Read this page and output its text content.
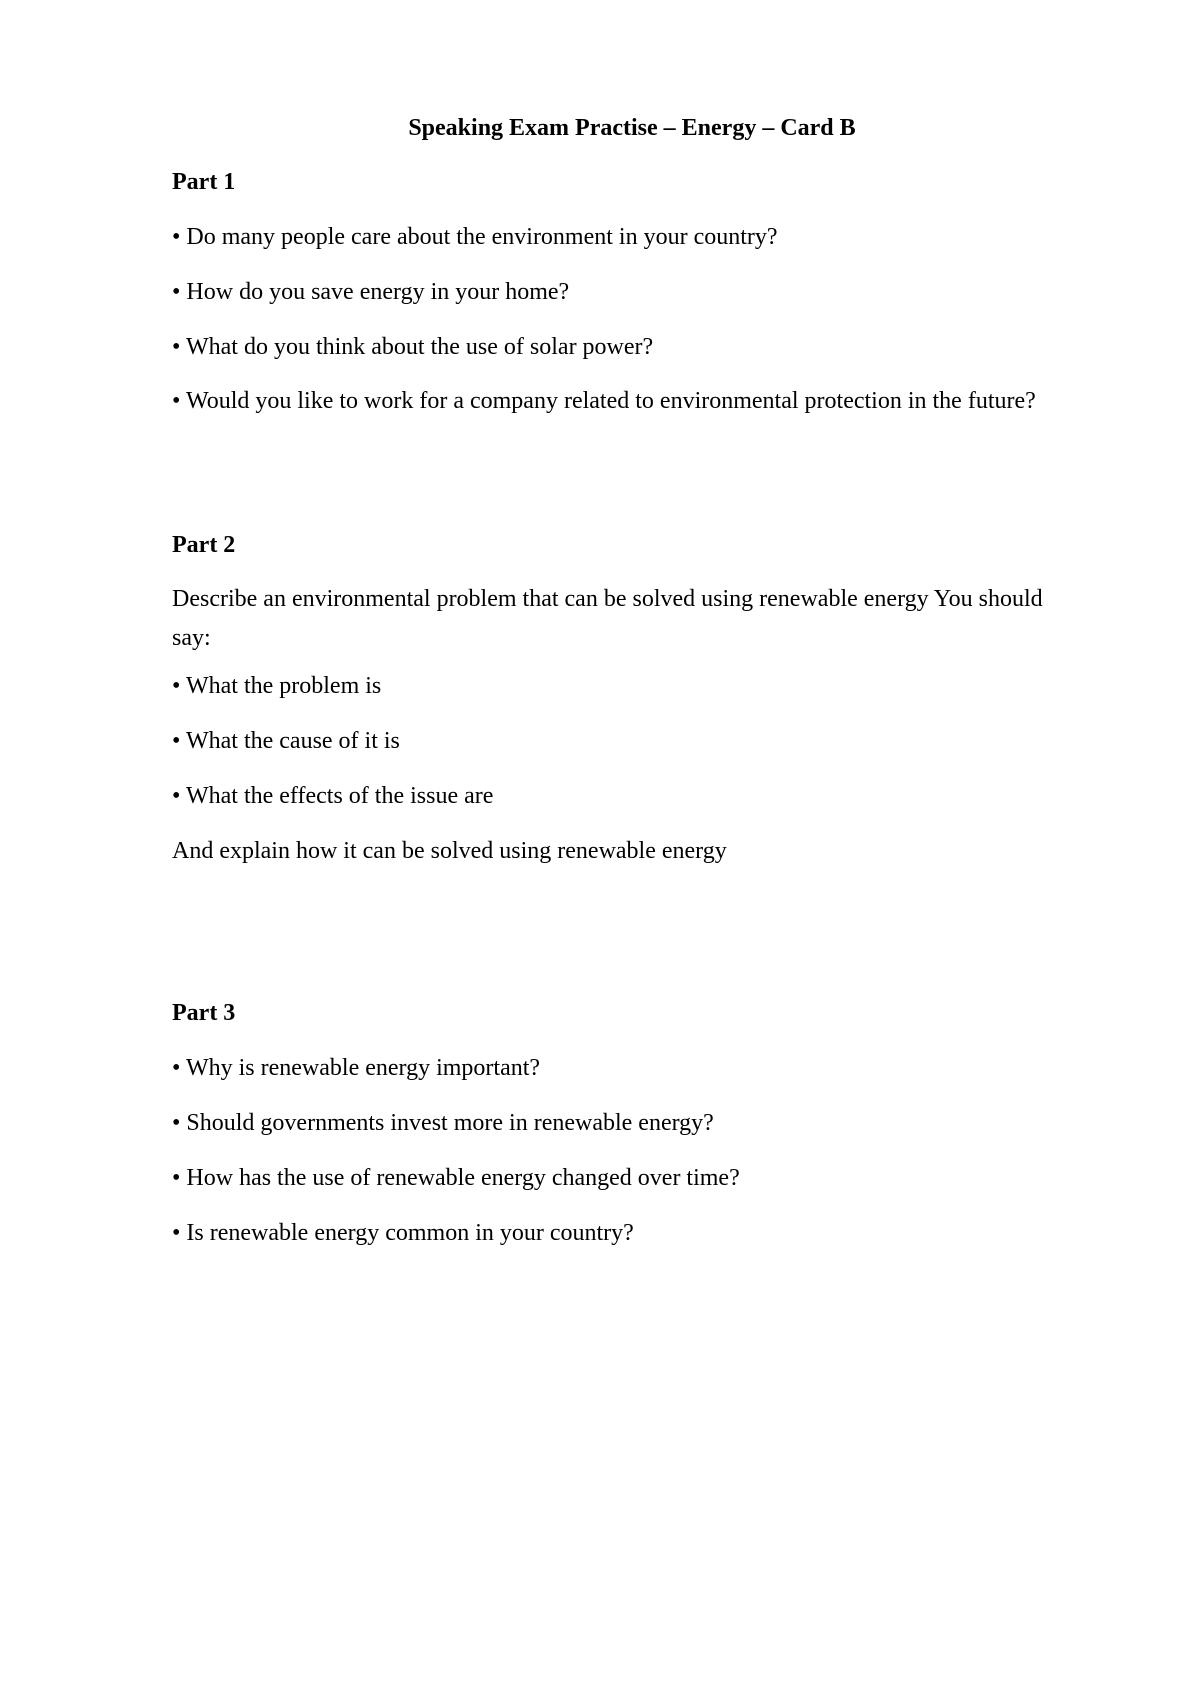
Speaking Exam Practise – Energy – Card B
Part 1

• Do many people care about the environment in your country?

• How do you save energy in your home?

• What do you think about the use of solar power?

• Would you like to work for a company related to environmental protection in the future?

Part 2

Describe an environmental problem that can be solved using renewable energy You should say:

• What the problem is

• What the cause of it is

• What the effects of the issue are

And explain how it can be solved using renewable energy

Part 3

• Why is renewable energy important?

• Should governments invest more in renewable energy?

• How has the use of renewable energy changed over time?

• Is renewable energy common in your country?
